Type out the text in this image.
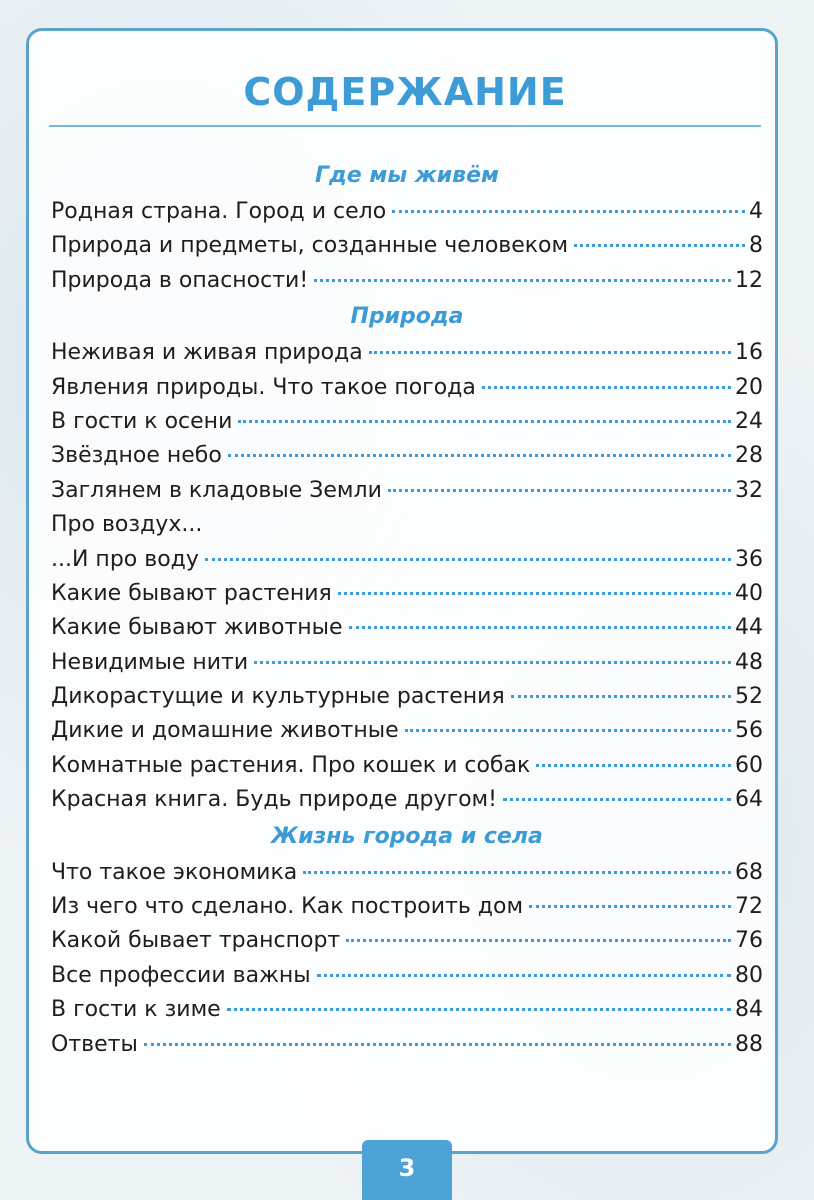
СОДЕРЖАНИЕ
Где мы живём
Родная страна. Город и село	4
Природа и предметы, созданные человеком	8
Природа в опасности!	12
Природа
Неживая и живая природа	16
Явления природы. Что такое погода	20
В гости к осени	24
Звёздное небо	28
Заглянем в кладовые Земли	32
Про воздух...
...И про воду	36
Какие бывают растения	40
Какие бывают животные	44
Невидимые нити	48
Дикорастущие и культурные растения	52
Дикие и домашние животные	56
Комнатные растения. Про кошек и собак	60
Красная книга. Будь природе другом!	64
Жизнь города и села
Что такое экономика	68
Из чего что сделано. Как построить дом	72
Какой бывает транспорт	76
Все профессии важны	80
В гости к зиме	84
Ответы	88
3
